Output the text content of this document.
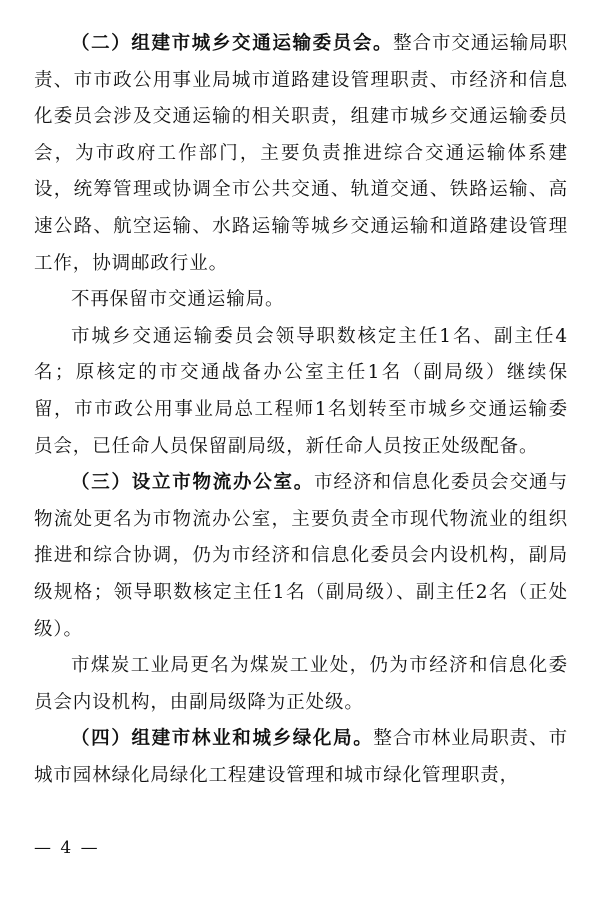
（二）组建市城乡交通运输委员会。整合市交通运输局职责、市市政公用事业局城市道路建设管理职责、市经济和信息化委员会涉及交通运输的相关职责，组建市城乡交通运输委员会，为市政府工作部门，主要负责推进综合交通运输体系建设，统筹管理或协调全市公共交通、轨道交通、铁路运输、高速公路、航空运输、水路运输等城乡交通运输和道路建设管理工作，协调邮政行业。

不再保留市交通运输局。

市城乡交通运输委员会领导职数核定主任1名、副主任4名；原核定的市交通战备办公室主任1名（副局级）继续保留，市市政公用事业局总工程师1名划转至市城乡交通运输委员会，已任命人员保留副局级，新任命人员按正处级配备。

（三）设立市物流办公室。市经济和信息化委员会交通与物流处更名为市物流办公室，主要负责全市现代物流业的组织推进和综合协调，仍为市经济和信息化委员会内设机构，副局级规格；领导职数核定主任1名（副局级）、副主任2名（正处级）。

市煤炭工业局更名为煤炭工业处，仍为市经济和信息化委员会内设机构，由副局级降为正处级。

（四）组建市林业和城乡绿化局。整合市林业局职责、市城市园林绿化局绿化工程建设管理和城市绿化管理职责，

— 4 —
